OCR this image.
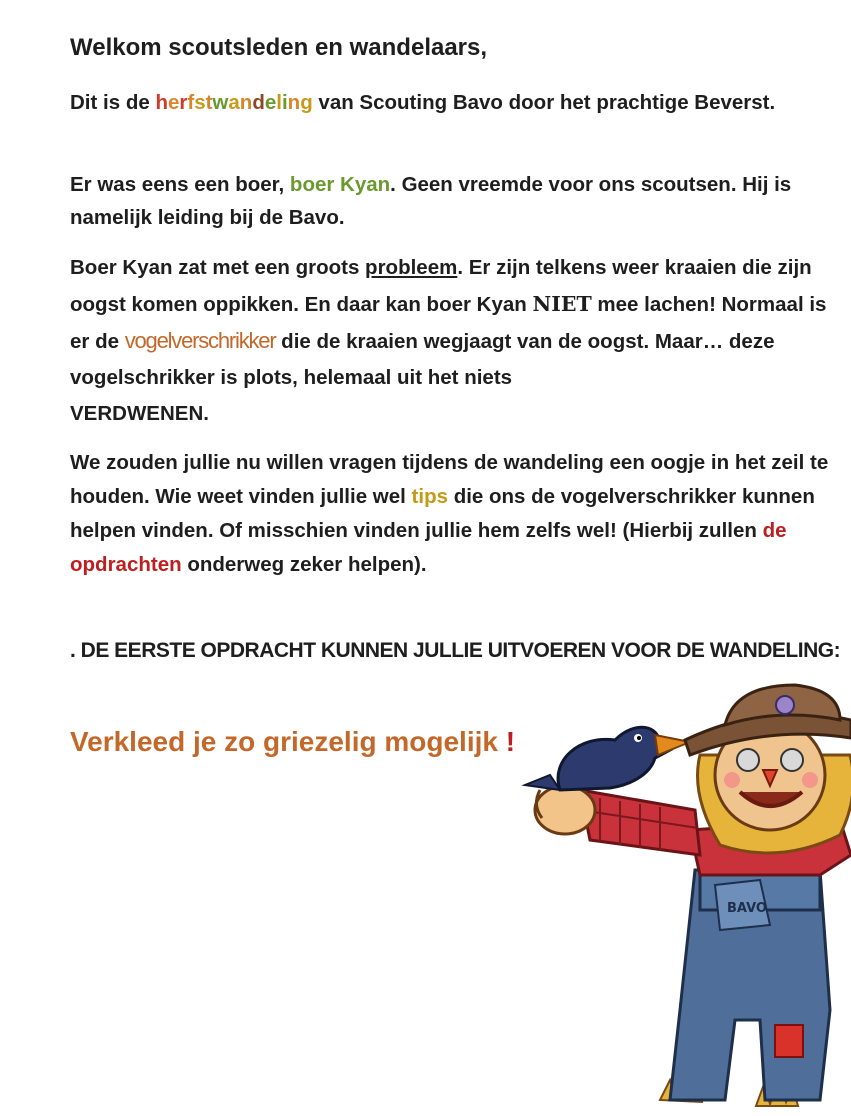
Welkom scoutsleden en wandelaars,

Dit is de herfstwandeling van Scouting Bavo door het prachtige Beverst.

Er was eens een boer, boer Kyan. Geen vreemde voor ons scoutsen. Hij is namelijk leiding bij de Bavo.

Boer Kyan zat met een groots probleem. Er zijn telkens weer kraaien die zijn oogst komen oppikken. En daar kan boer Kyan NIET mee lachen! Normaal is er de vogelverschrikker die de kraaien wegjaagt van de oogst. Maar… deze vogelschrikker is plots, helemaal uit het niets
VERDWENEN.

We zouden jullie nu willen vragen tijdens de wandeling een oogje in het zeil te houden. Wie weet vinden jullie wel tips die ons de vogelverschrikker kunnen helpen vinden. Of misschien vinden jullie hem zelfs wel! (Hierbij zullen de opdrachten onderweg zeker helpen).

. DE EERSTE OPDRACHT KUNNEN JULLIE UITVOEREN VOOR DE WANDELING:

Verkleed je zo griezelig mogelijk !

BAVO
